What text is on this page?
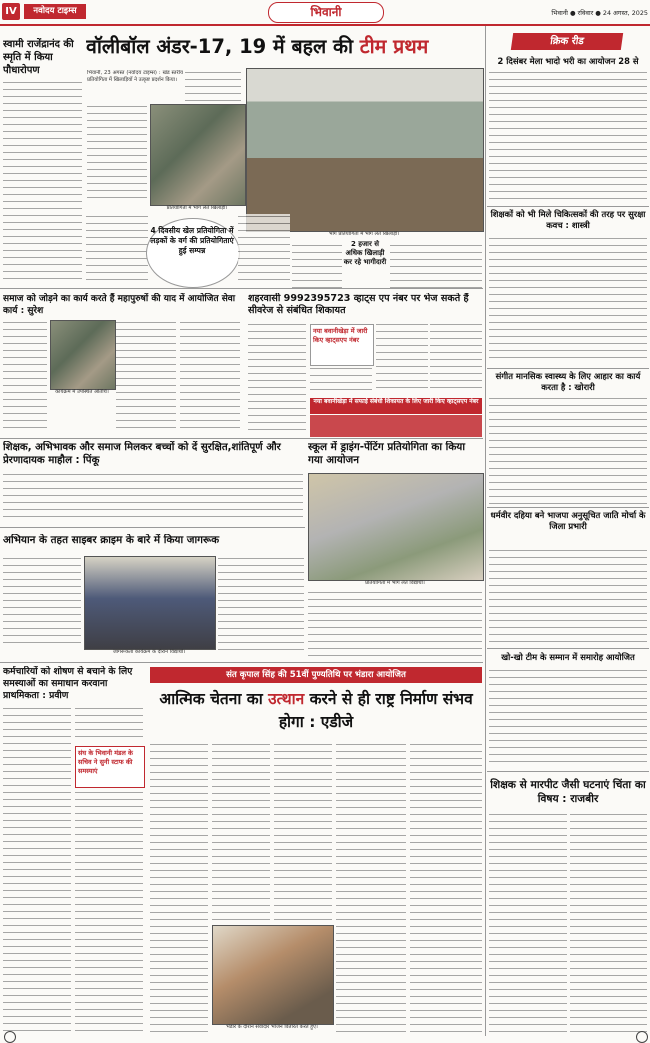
IV	नवोदय टाइम्स	भिवानी	भिवानी ● रविवार ● 24 अगस्त, 2025
स्वामी राजेंद्रानंद की स्मृति में किया पौधारोपण
वॉलीबॉल अंडर-17, 19 में बहल की टीम प्रथम
भिवानी, 23 अगस्त (नवोदय टाइम्स) : खंड स्तरीय प्रतियोगिता में खिलाड़ियों ने उत्कृष्ट प्रदर्शन किया।
प्रतियोगिता में भाग लेते खिलाड़ी।
भोग प्रतियोगिता में भाग लेते खिलाड़ी।
4 दिवसीय खेल प्रतियोगिता में लड़कों के वर्ग की प्रतियोगिताएं हुई सम्पन्न
2 हजार से अधिक खिलाड़ी कर रहे भागीदारी
समाज को जोड़ने का कार्य करते हैं महापुरुषों की याद में आयोजित सेवा कार्य : सुरेश
कार्यक्रम में उपस्थित अतिथि।
शहरवासी 9992395723 व्हाट्स एप नंबर पर भेज सकते हैं सीवरेज से संबंधित शिकायत
नया बवानीखेड़ा में जारी किए व्हाट्सएप नंबर
नया बवानीखेड़ा में सफाई संबंधी शिकायत के लिए जारी किए व्हाट्सएप नंबर
शिक्षक, अभिभावक और समाज मिलकर बच्चों को दें सुरक्षित,शांतिपूर्ण और प्रेरणादायक माहौल : पिंकू
स्कूल में ड्राइंग-पेंटिंग प्रतियोगिता का किया गया आयोजन
प्रतियोगिता में भाग लेते विद्यार्थी।
अभियान के तहत साइबर क्राइम के बारे में किया जागरूक
जागरूकता कार्यक्रम के दौरान विद्यार्थी।
कर्मचारियों को शोषण से बचाने के लिए समस्याओं का समाधान करवाना प्राथमिकता : प्रवीण
संघ के भिवानी मंडल के सचिव ने सुनी स्टाफ की समस्याएं
संत कृपाल सिंह की 51वीं पुण्यतिथि पर भंडारा आयोजित
आत्मिक चेतना का उत्थान करने से ही राष्ट्र निर्माण संभव होगा : एडीजे
भंडारे के दौरान सेवादार भोजन वितरित करते हुए।
क्रिक रीड
2 दिसंबर मेला भादो भरी का आयोजन 28 से
शिक्षकों को भी मिले चिकित्सकों की तरह पर सुरक्षा कवच : शास्त्री
संगीत मानसिक स्वास्थ्य के लिए आहार का कार्य करता है : खोरारी
धर्मवीर दहिया बने भाजपा अनुसूचित जाति मोर्चा के जिला प्रभारी
खो-खो टीम के सम्मान में समारोह आयोजित
शिक्षक से मारपीट जैसी घटनाएं चिंता का विषय : राजबीर
